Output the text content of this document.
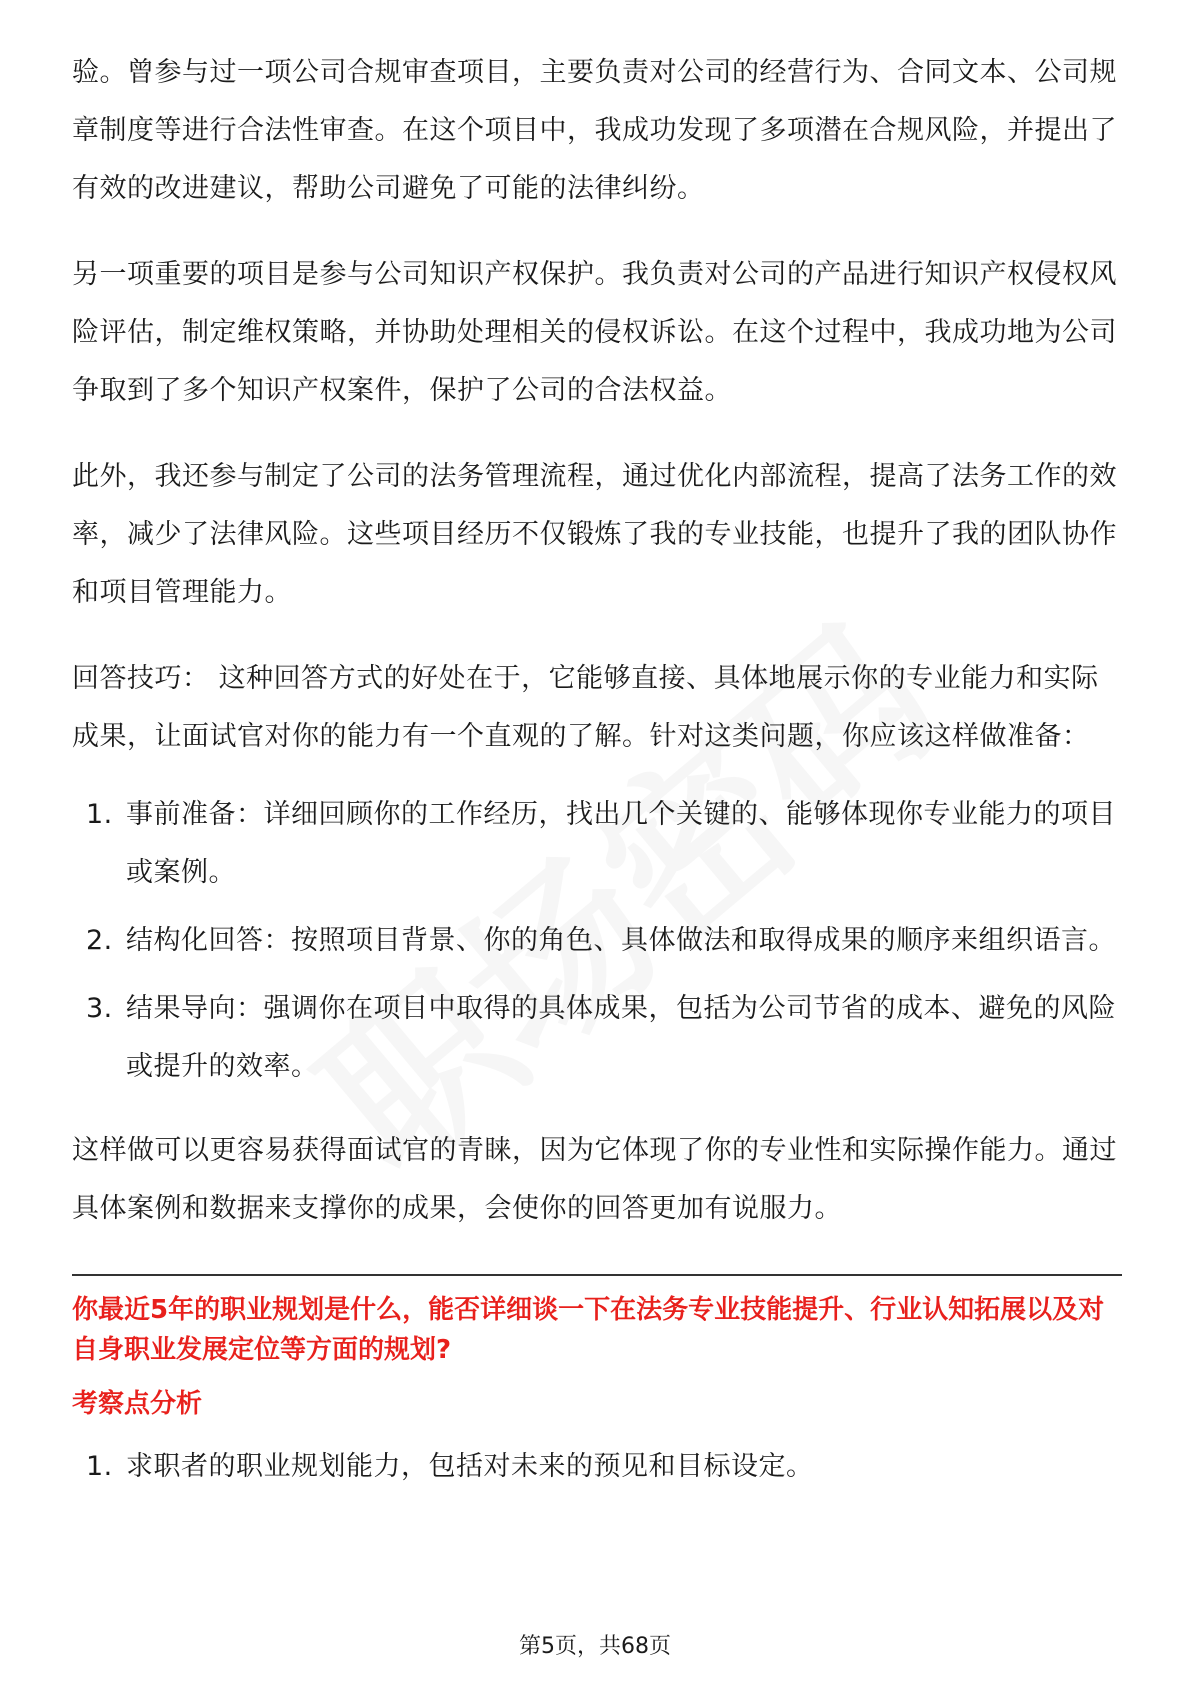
验。曾参与过一项公司合规审查项目，主要负责对公司的经营行为、合同文本、公司规章制度等进行合法性审查。在这个项目中，我成功发现了多项潜在合规风险，并提出了有效的改进建议，帮助公司避免了可能的法律纠纷。

另一项重要的项目是参与公司知识产权保护。我负责对公司的产品进行知识产权侵权风险评估，制定维权策略，并协助处理相关的侵权诉讼。在这个过程中，我成功地为公司争取到了多个知识产权案件，保护了公司的合法权益。

此外，我还参与制定了公司的法务管理流程，通过优化内部流程，提高了法务工作的效率，减少了法律风险。这些项目经历不仅锻炼了我的专业技能，也提升了我的团队协作和项目管理能力。

回答技巧： 这种回答方式的好处在于，它能够直接、具体地展示你的专业能力和实际成果，让面试官对你的能力有一个直观的了解。针对这类问题，你应该这样做准备：

1. 事前准备：详细回顾你的工作经历，找出几个关键的、能够体现你专业能力的项目或案例。
2. 结构化回答：按照项目背景、你的角色、具体做法和取得成果的顺序来组织语言。
3. 结果导向：强调你在项目中取得的具体成果，包括为公司节省的成本、避免的风险或提升的效率。

这样做可以更容易获得面试官的青睐，因为它体现了你的专业性和实际操作能力。通过具体案例和数据来支撑你的成果，会使你的回答更加有说服力。

你最近5年的职业规划是什么，能否详细谈一下在法务专业技能提升、行业认知拓展以及对自身职业发展定位等方面的规划?

考察点分析

1. 求职者的职业规划能力，包括对未来的预见和目标设定。
第5页，共68页
